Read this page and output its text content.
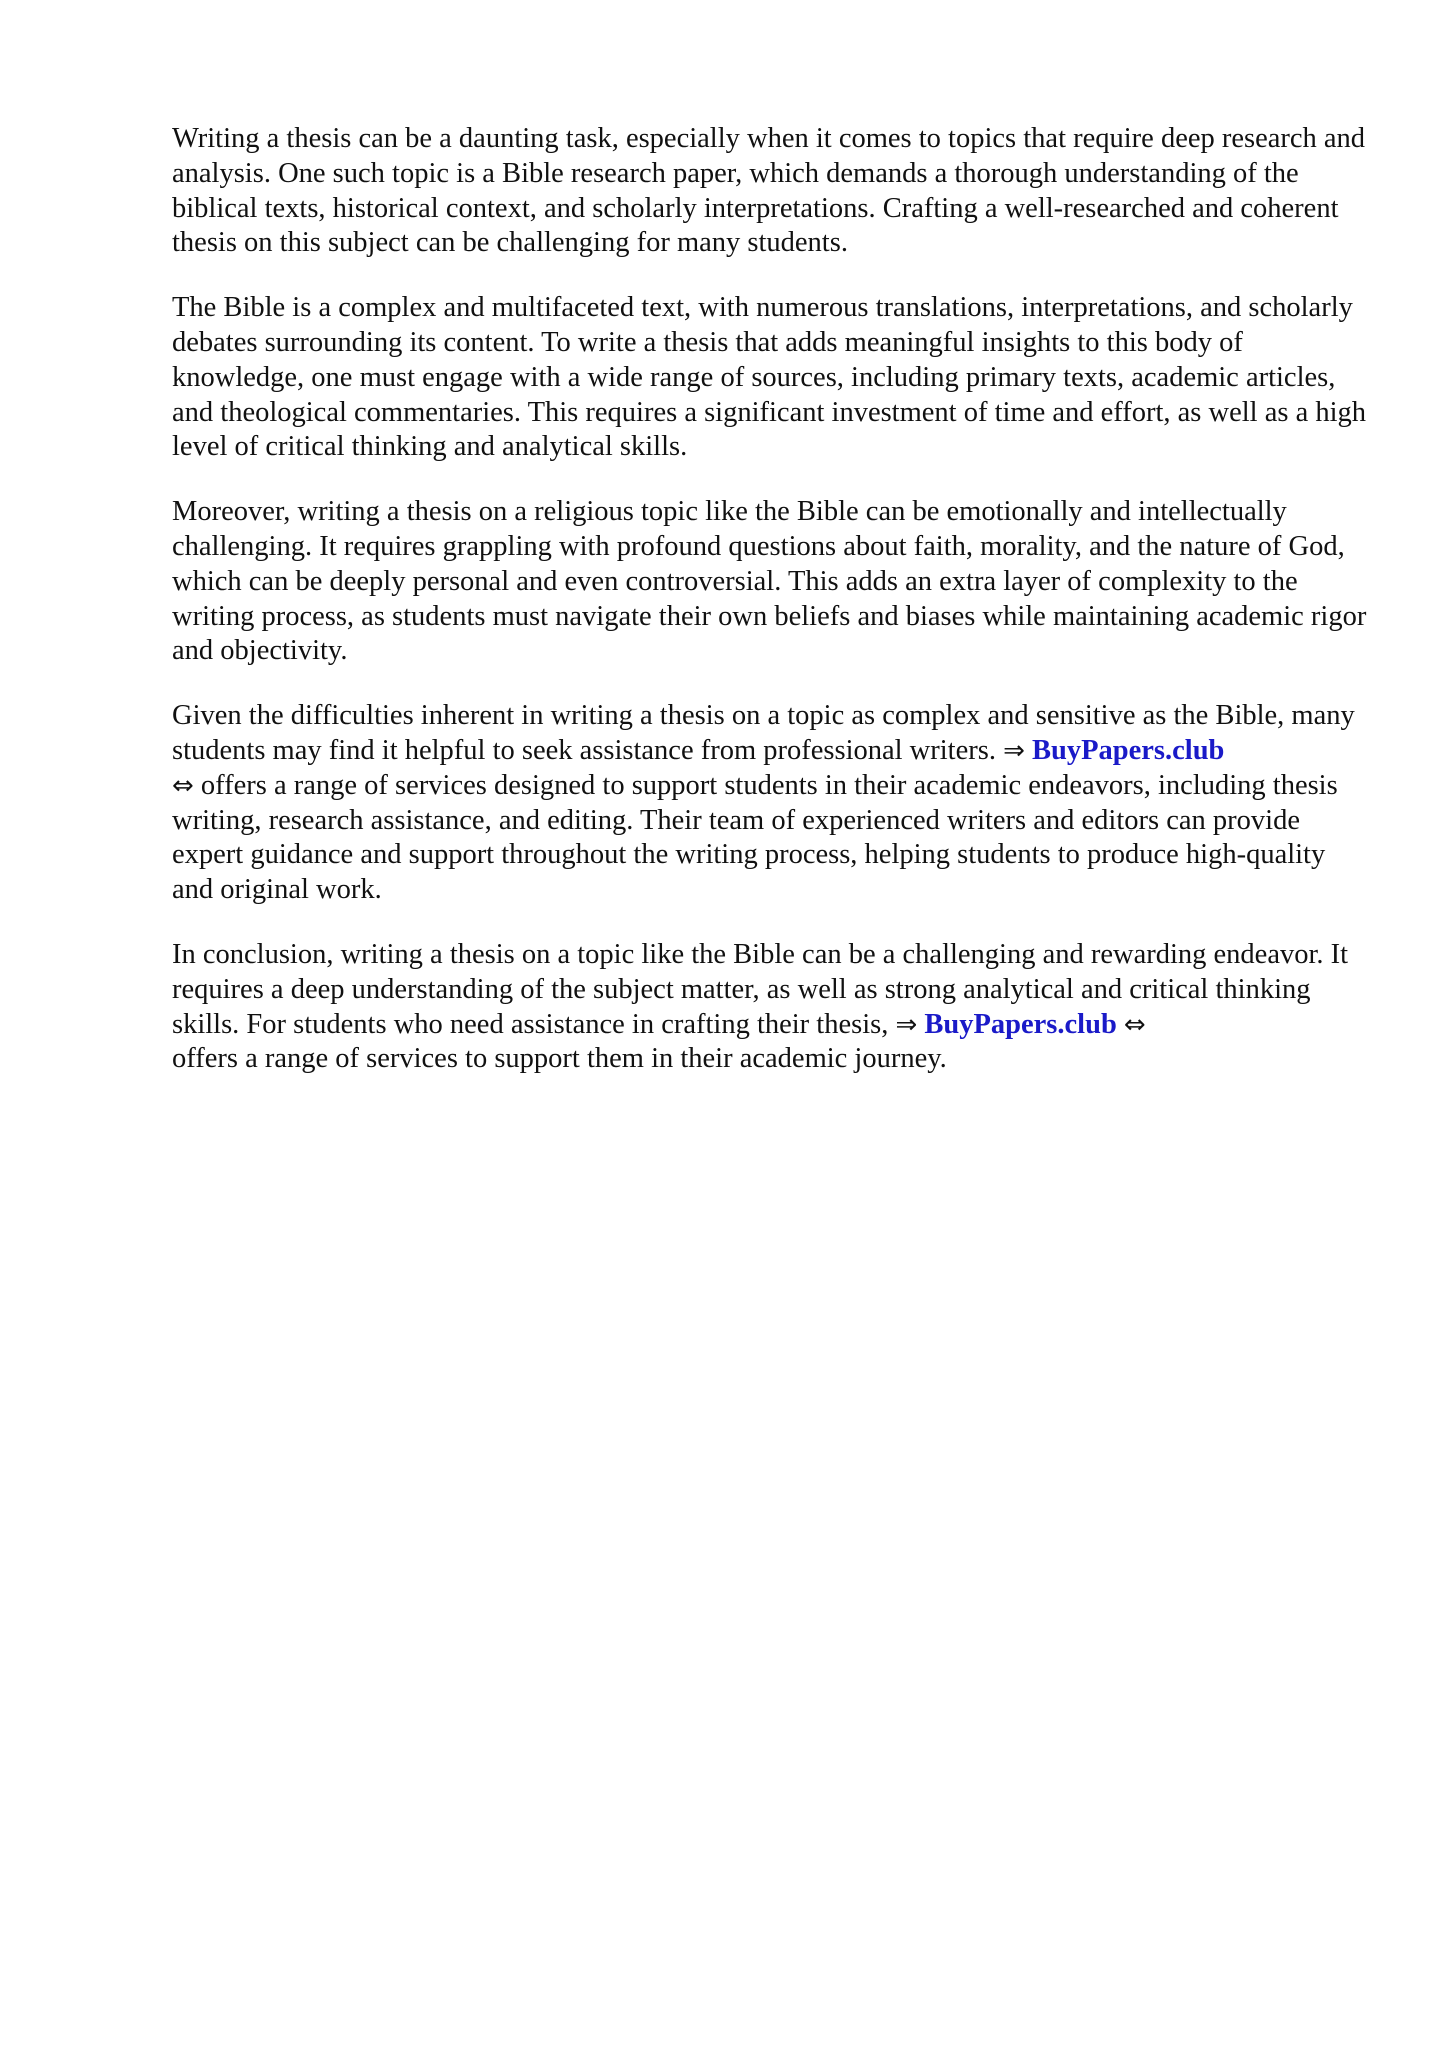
Writing a thesis can be a daunting task, especially when it comes to topics that require deep research and analysis. One such topic is a Bible research paper, which demands a thorough understanding of the biblical texts, historical context, and scholarly interpretations. Crafting a well-researched and coherent thesis on this subject can be challenging for many students.

The Bible is a complex and multifaceted text, with numerous translations, interpretations, and scholarly debates surrounding its content. To write a thesis that adds meaningful insights to this body of knowledge, one must engage with a wide range of sources, including primary texts, academic articles, and theological commentaries. This requires a significant investment of time and effort, as well as a high level of critical thinking and analytical skills.

Moreover, writing a thesis on a religious topic like the Bible can be emotionally and intellectually challenging. It requires grappling with profound questions about faith, morality, and the nature of God, which can be deeply personal and even controversial. This adds an extra layer of complexity to the writing process, as students must navigate their own beliefs and biases while maintaining academic rigor and objectivity.

Given the difficulties inherent in writing a thesis on a topic as complex and sensitive as the Bible, many students may find it helpful to seek assistance from professional writers. ⇒ BuyPapers.club
⇔ offers a range of services designed to support students in their academic endeavors, including thesis writing, research assistance, and editing. Their team of experienced writers and editors can provide expert guidance and support throughout the writing process, helping students to produce high-quality and original work.

In conclusion, writing a thesis on a topic like the Bible can be a challenging and rewarding endeavor. It requires a deep understanding of the subject matter, as well as strong analytical and critical thinking skills. For students who need assistance in crafting their thesis, ⇒ BuyPapers.club ⇔
offers a range of services to support them in their academic journey.
